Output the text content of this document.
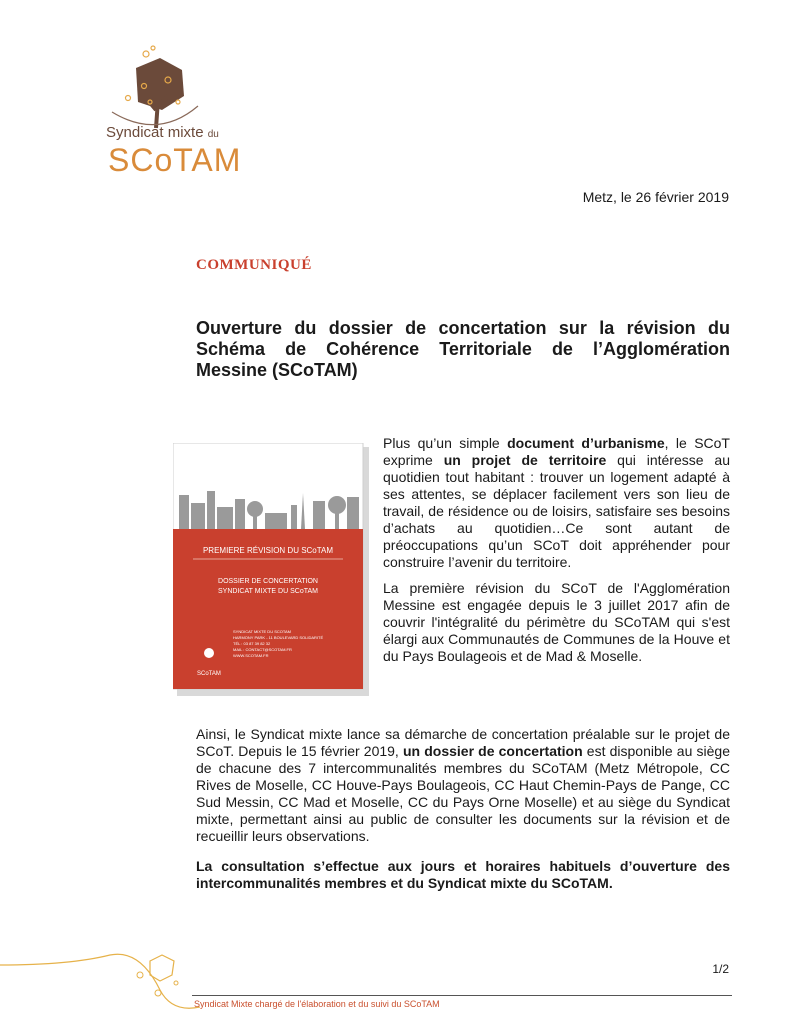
Syndicat mixte du
SCoTAM
Metz, le 26 février 2019
COMMUNIQUÉ
Ouverture du dossier de concertation sur la révision du Schéma de Cohérence Territoriale de l’Agglomération Messine (SCoTAM)
PREMIERE RÉVISION DU SCoTAM
DOSSIER DE CONCERTATION
SYNDICAT MIXTE DU SCoTAM
SYNDICAT MIXTE DU SCOTAM
HARMONY PARK - 11 BOULEVARD SOLIDARITÉ
TÉL : 03 87 39 82 32
MAIL : CONTACT@SCOTAM.FR
WWW.SCOTAM.FR
SCoTAM
Plus qu’un simple document d’urbanisme, le SCoT exprime un projet de territoire qui intéresse au quotidien tout habitant : trouver un logement adapté à ses attentes, se déplacer facilement vers son lieu de travail, de résidence ou de loisirs, satisfaire ses besoins d’achats au quotidien…Ce sont autant de préoccupations qu’un SCoT doit appréhender pour construire l’avenir du territoire.
La première révision du SCoT de l'Agglomération Messine est engagée depuis le 3 juillet 2017 afin de couvrir l'intégralité du périmètre du SCoTAM qui s'est élargi aux Communautés de Communes de la Houve et du Pays Boulageois et de Mad & Moselle.
Ainsi, le Syndicat mixte lance sa démarche de concertation préalable sur le projet de SCoT. Depuis le 15 février 2019, un dossier de concertation est disponible au siège de chacune des 7 intercommunalités membres du SCoTAM (Metz Métropole, CC Rives de Moselle, CC Houve-Pays Boulageois, CC Haut Chemin-Pays de Pange, CC Sud Messin, CC Mad et Moselle, CC du Pays Orne Moselle) et au siège du Syndicat mixte, permettant ainsi au public de consulter les documents sur la révision et de recueillir leurs observations.
La consultation s’effectue aux jours et horaires habituels d’ouverture des intercommunalités membres et du Syndicat mixte du SCoTAM.
1/2
Syndicat Mixte chargé de l'élaboration et du suivi du SCoTAM
